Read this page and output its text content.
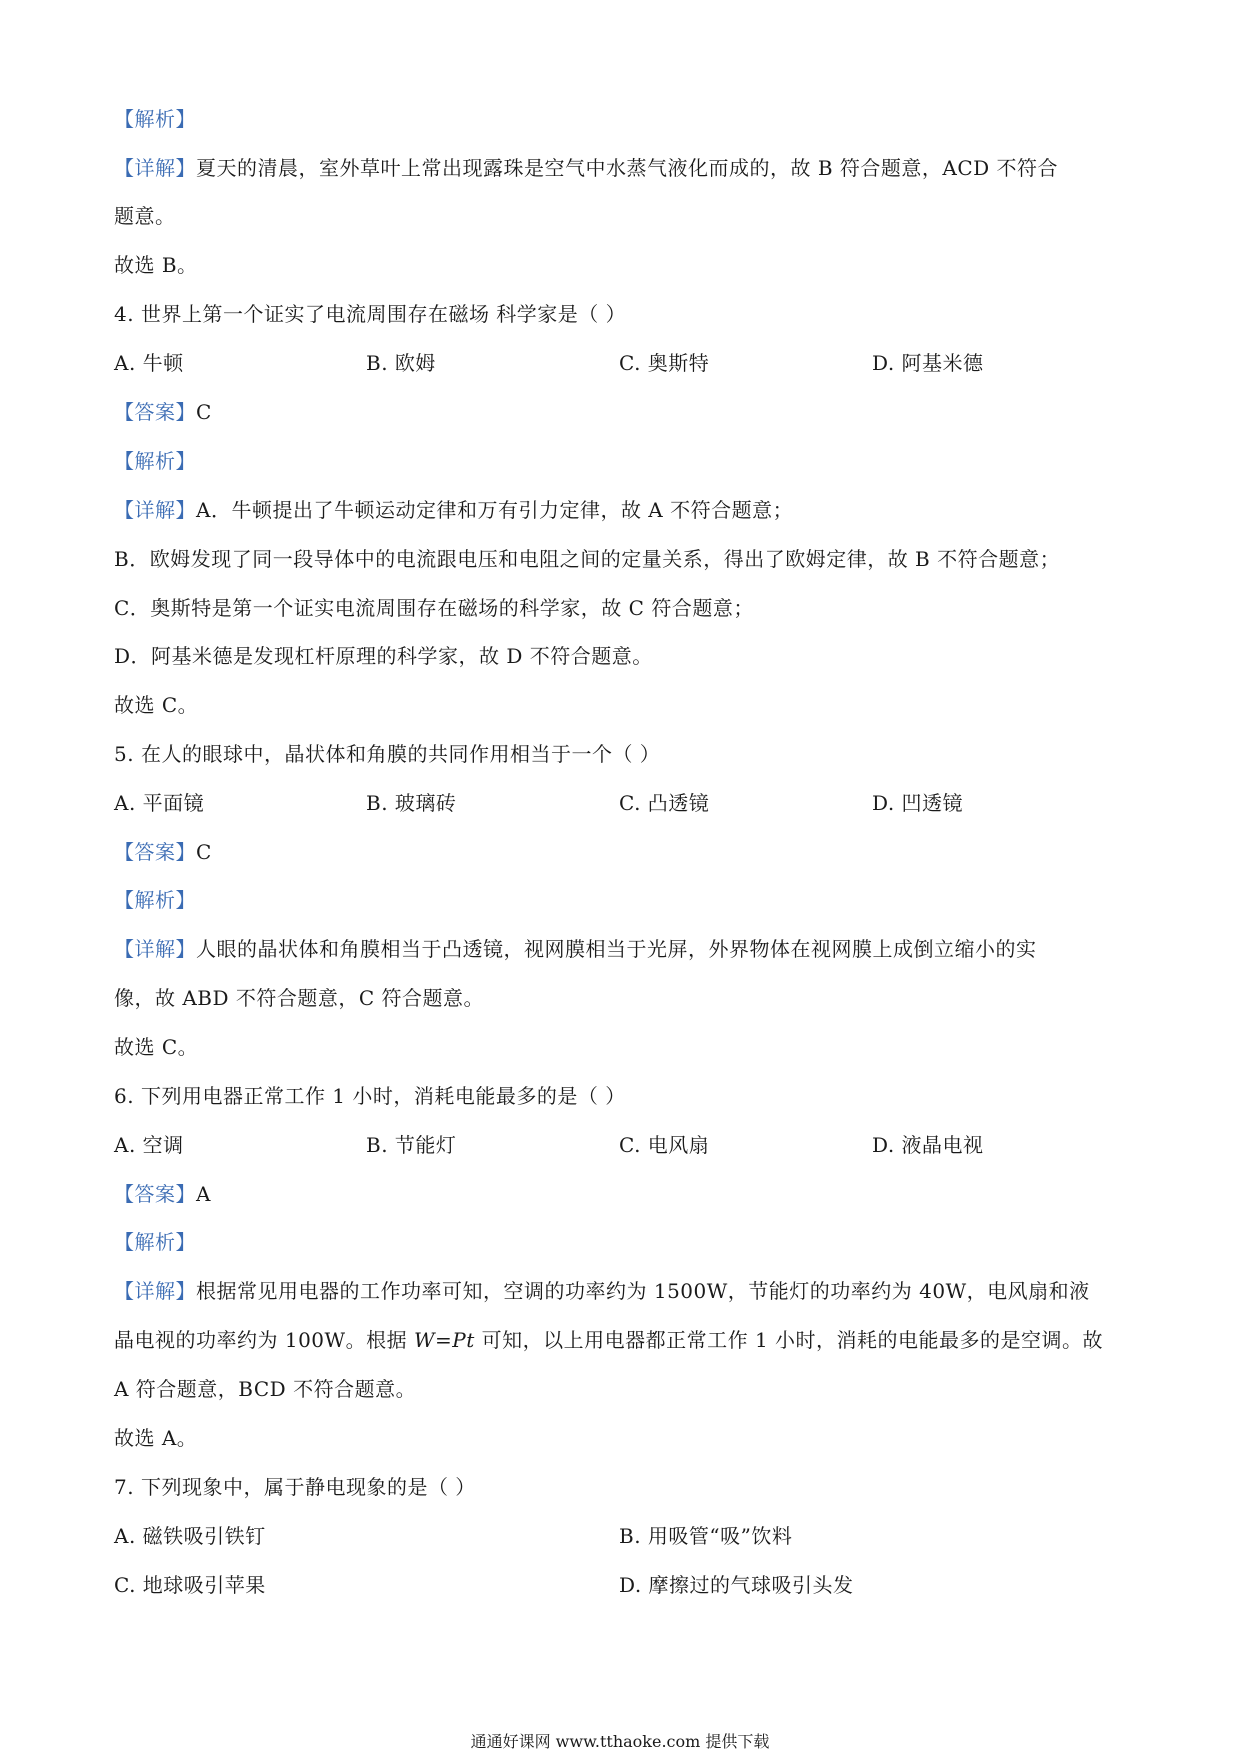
【解析】
【详解】夏天的清晨，室外草叶上常出现露珠是空气中水蒸气液化而成的，故 B 符合题意，ACD 不符合
题意。
故选 B。
4. 世界上第一个证实了电流周围存在磁场 科学家是（ ）
A. 牛顿	B. 欧姆	C. 奥斯特	D. 阿基米德
【答案】C
【解析】
【详解】A．牛顿提出了牛顿运动定律和万有引力定律，故 A 不符合题意；
B．欧姆发现了同一段导体中的电流跟电压和电阻之间的定量关系，得出了欧姆定律，故 B 不符合题意；
C．奥斯特是第一个证实电流周围存在磁场的科学家，故 C 符合题意；
D．阿基米德是发现杠杆原理的科学家，故 D 不符合题意。
故选 C。
5. 在人的眼球中，晶状体和角膜的共同作用相当于一个（ ）
A. 平面镜	B. 玻璃砖	C. 凸透镜	D. 凹透镜
【答案】C
【解析】
【详解】人眼的晶状体和角膜相当于凸透镜，视网膜相当于光屏，外界物体在视网膜上成倒立缩小的实
像，故 ABD 不符合题意，C 符合题意。
故选 C。
6. 下列用电器正常工作 1 小时，消耗电能最多的是（ ）
A. 空调	B. 节能灯	C. 电风扇	D. 液晶电视
【答案】A
【解析】
【详解】根据常见用电器的工作功率可知，空调的功率约为 1500W，节能灯的功率约为 40W，电风扇和液
晶电视的功率约为 100W。根据 W=Pt 可知，以上用电器都正常工作 1 小时，消耗的电能最多的是空调。故
A 符合题意，BCD 不符合题意。
故选 A。
7. 下列现象中，属于静电现象的是（ ）
A. 磁铁吸引铁钉	B. 用吸管“吸”饮料
C. 地球吸引苹果	D. 摩擦过的气球吸引头发
通通好课网 www.tthaoke.com 提供下载
